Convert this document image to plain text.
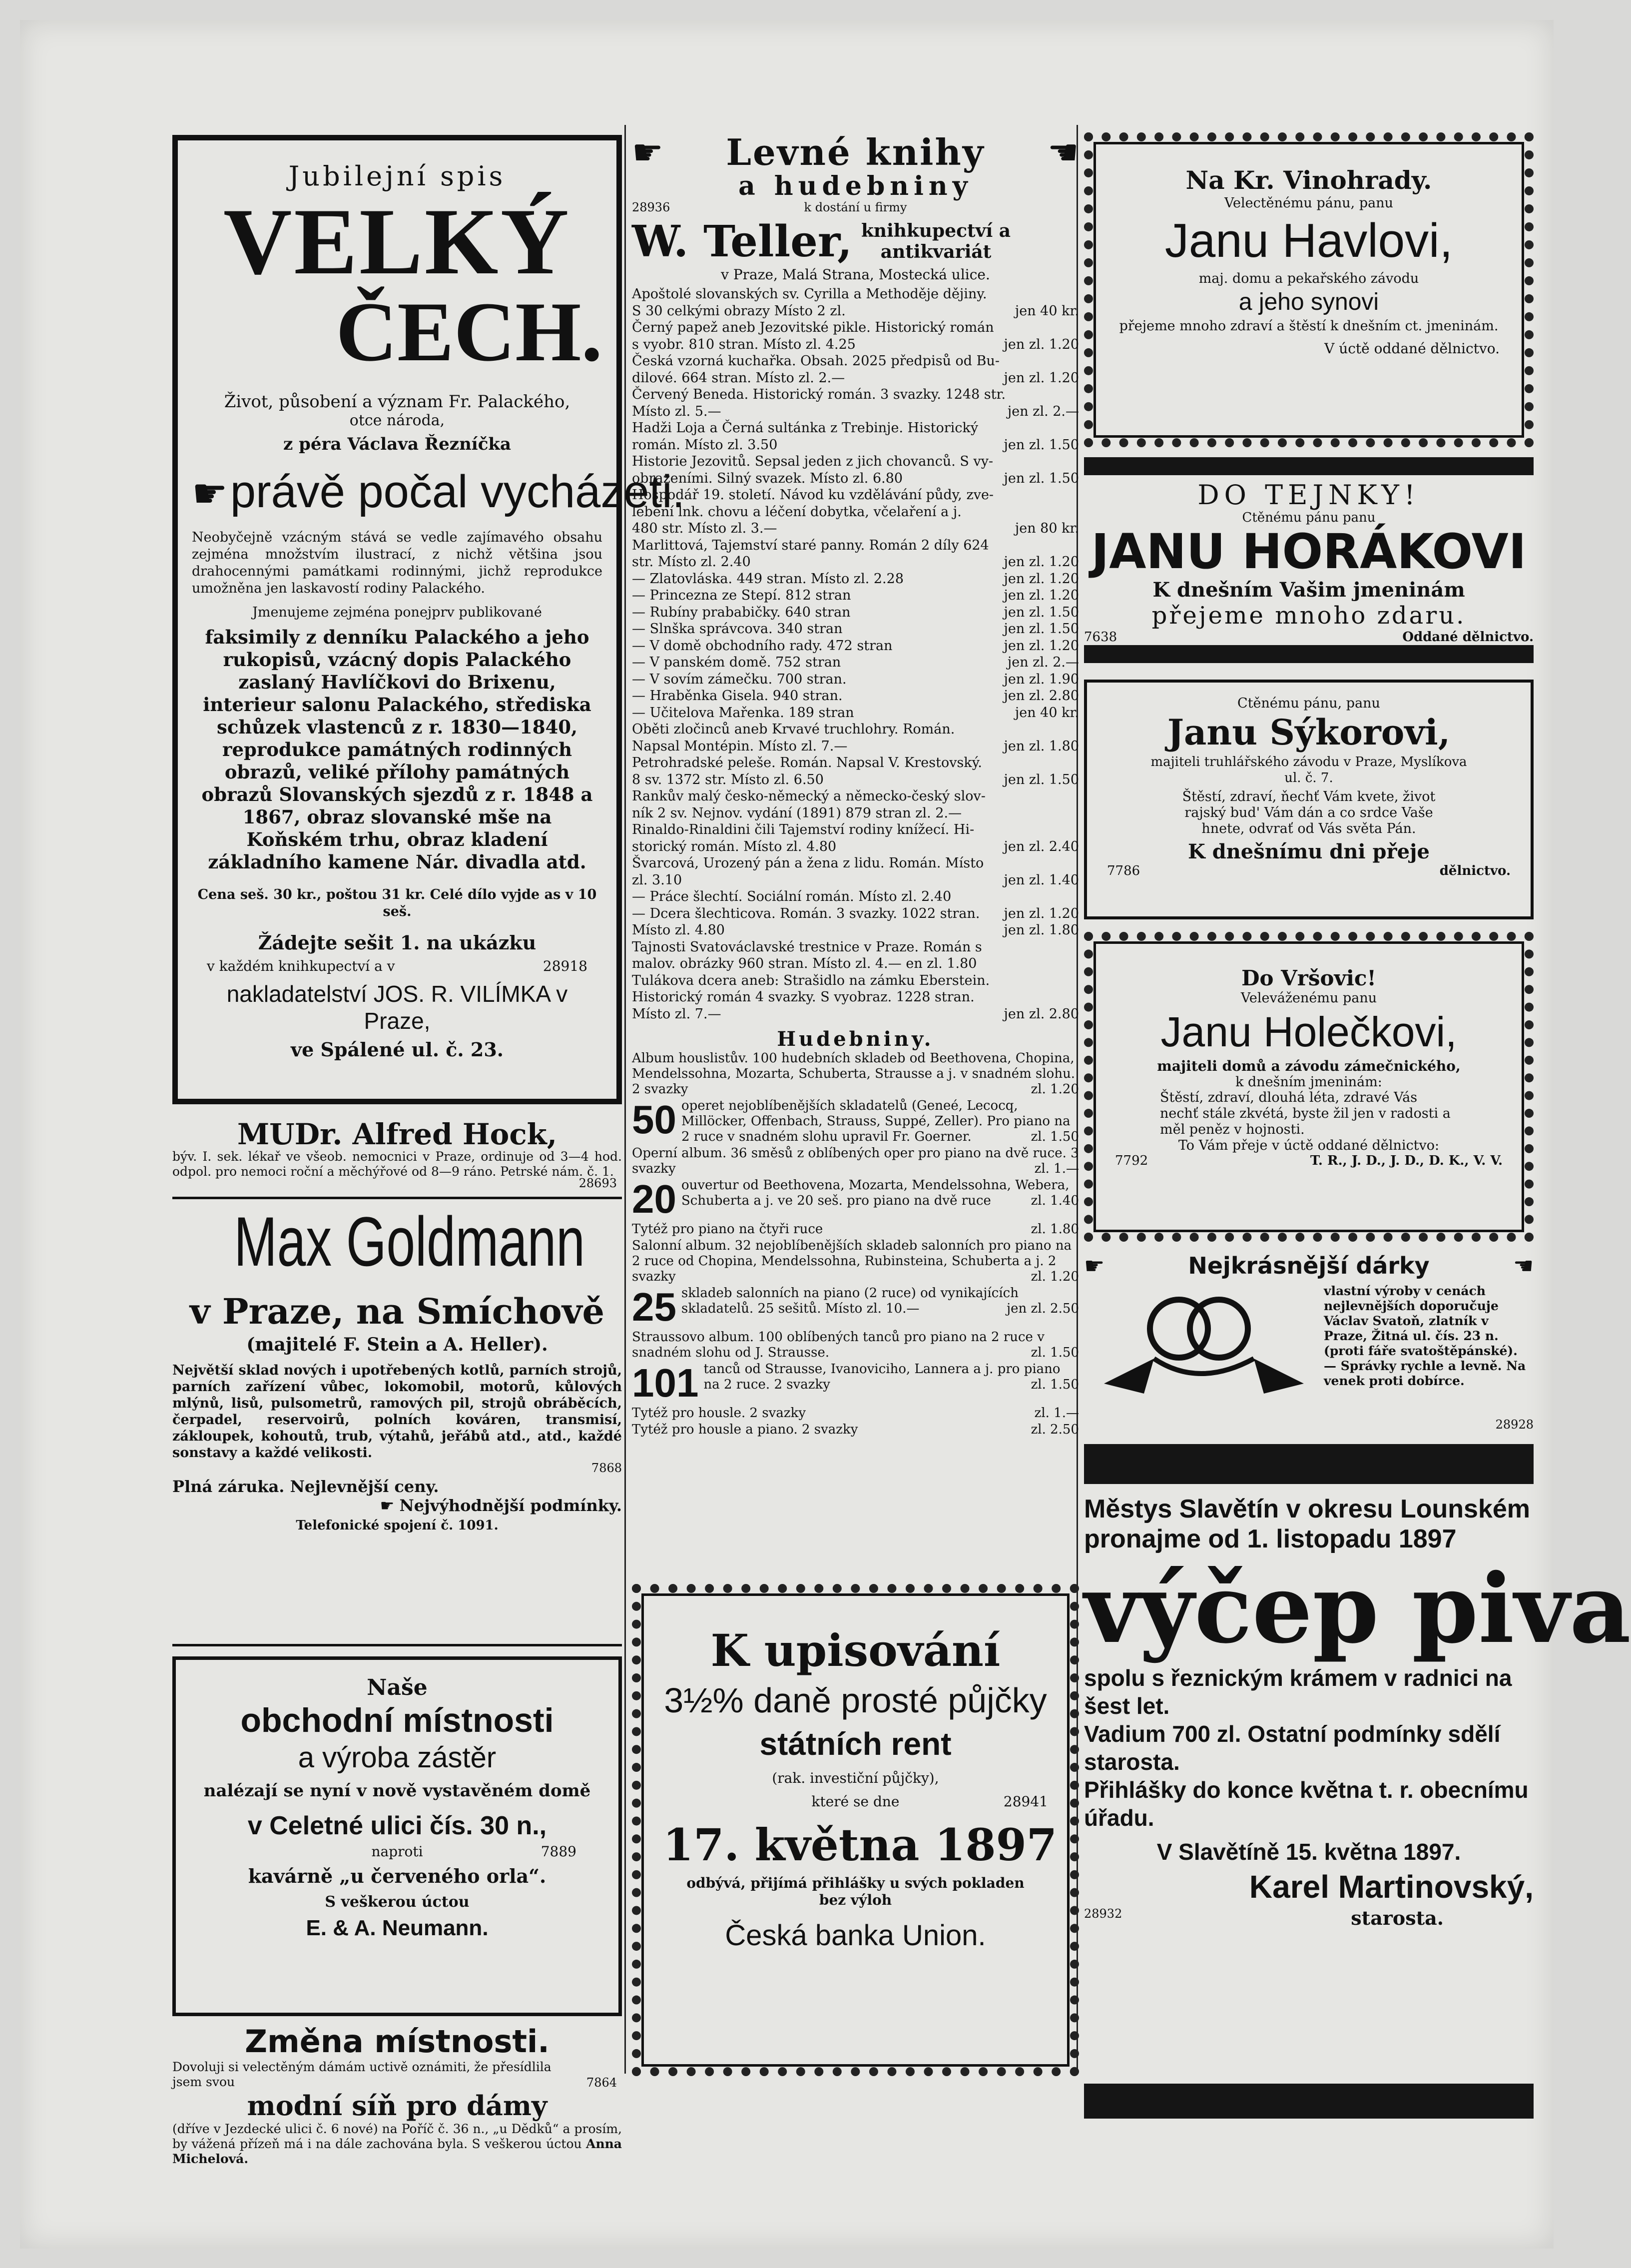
Jubilejní spis
VELKÝ
ČECH.
Život, působení a význam Fr. Palackého,
otce národa,
z péra Václava Řezníčka
☛ právě počal vycházeti.

Neobyčejně vzácným stává se vedle zajímavého obsahu zejména množstvím ilustrací, z nichž většina jsou drahocennými památkami rodinnými, jichž reprodukce umožněna jen laskavostí rodiny Palackého.

Jmenujeme zejména ponejprv publikované

faksimily z denníku Palackého a jeho rukopisů, vzácný dopis Palackého zaslaný Havlíčkovi do Brixenu, interieur salonu Palackého, střediska schůzek vlastenců z r. 1830—1840, reprodukce památných rodinných obrazů, veliké přílohy památných obrazů Slovanských sjezdů z r. 1848 a 1867, obraz slovanské mše na Koňském trhu, obraz kladení základního kamene Nár. divadla atd.

Cena seš. 30 kr., poštou 31 kr. Celé dílo vyjde as v 10 seš.

Žádejte sešit 1. na ukázku
v každém knihkupectví a v	28918
nakladatelství JOS. R. VILÍMKA v Praze,
ve Spálené ul. č. 23.
MUDr. Alfred Hock,

býv. I. sek. lékař ve všeob. nemocnici v Praze, ordinuje od 3—4 hod. odpol. pro nemoci roční a měchýřové od 8—9 ráno. Petrské nám. č. 1.

28693
Max Goldmann
v Praze, na Smíchově
(majitelé F. Stein a A. Heller).

Největší sklad nových i upotřebených kotlů, parních strojů, parních zařízení vůbec, lokomobil, motorů, kůlových mlýnů, lisů, pulsometrů, ramových pil, strojů obráběcích, čerpadel, reservoirů, polních kováren, transmisí, zákloupek, kohoutů, trub, výtahů, jeřábů atd., atd., každé sonstavy a každé velikosti.

7868
Plná záruka. Nejlevnější ceny.
☛ Nejvýhodnější podmínky.
Telefonické spojení č. 1091.
Naše
obchodní místnosti
a výroba zástěr

nalézají se nyní v nově vystavěném domě

v Celetné ulici čís. 30 n.,
naproti	7889
kavárně „u červeného orla“.
S veškerou úctou
E. & A. Neumann.
Změna místnosti.

Dovoluji si velectěným dámám uctivě oznámiti, že přesídlila jsem svou	7864
modní síň pro dámy

(dříve v Jezdecké ulici č. 6 nové) na Poříč č. 36 n., „u Dědků“ a prosím, by vážená přízeň má i na dále zachována byla. S veškerou úctou Anna Michelová.

☛ Levné knihy ☛
a hudebniny
28936	k dostání u firmy
W. Teller, knihkupectví a
antikvariát
v Praze, Malá Strana, Mostecká ulice.
Apoštolé slovanských sv. Cyrilla a Methoděje dějiny.
S 30 celkými obrazy Místo 2 zl.	jen 40 kr.
Černý papež aneb Jezovitské pikle. Historický román
s vyobr. 810 stran. Místo zl. 4.25	jen zl. 1.20
Česká vzorná kuchařka. Obsah. 2025 předpisů od Bu-
dilové. 664 stran. Místo zl. 2.—	jen zl. 1.20
Červený Beneda. Historický román. 3 svazky. 1248 str.
Místo zl. 5.—	jen zl. 2.—
Hadži Loja a Černá sultánka z Trebinje. Historický
román. Místo zl. 3.50	jen zl. 1.50
Historie Jezovitů. Sepsal jeden z jich chovanců. S vy-
obrazeními. Silný svazek. Místo zl. 6.80	jen zl. 1.50
Hospodář 19. století. Návod ku vzdělávání půdy, zve-
lebení lnk. chovu a léčení dobytka, včelaření a j.
480 str. Místo zl. 3.—	jen 80 kr.
Marlittová, Tajemství staré panny. Román 2 díly 624
str. Místo zl. 2.40	jen zl. 1.20
— Zlatovláska. 449 stran. Místo zl. 2.28	jen zl. 1.20
— Princezna ze Stepí. 812 stran	jen zl. 1.20
— Rubíny prababičky. 640 stran	jen zl. 1.50
— Slnška správcova. 340 stran	jen zl. 1.50
— V domě obchodního rady. 472 stran	jen zl. 1.20
— V panském domě. 752 stran	jen zl. 2.—
— V sovím zámečku. 700 stran.	jen zl. 1.90
— Hraběnka Gisela. 940 stran.	jen zl. 2.80
— Učitelova Mařenka. 189 stran	jen 40 kr.
Oběti zločinců aneb Krvavé truchlohry. Román.
Napsal Montépin. Místo zl. 7.—	jen zl. 1.80
Petrohradské peleše. Román. Napsal V. Krestovský.
8 sv. 1372 str. Místo zl. 6.50	jen zl. 1.50
Rankův malý česko-německý a německo-český slov-
ník 2 sv. Nejnov. vydání (1891) 879 stran zl. 2.—
Rinaldo-Rinaldini čili Tajemství rodiny knížecí. Hi-
storický román. Místo zl. 4.80	jen zl. 2.40
Švarcová, Urozený pán a žena z lidu. Román. Místo
zl. 3.10	jen zl. 1.40
— Práce šlechtí. Sociální román. Místo zl. 2.40
jen zl. 1.20
— Dcera šlechticova. Román. 3 svazky. 1022 stran.
Místo zl. 4.80	jen zl. 1.80
Tajnosti Svatováclavské trestnice v Praze. Román s
malov. obrázky 960 stran. Místo zl. 4.— en zl. 1.80
Tulákova dcera aneb: Strašidlo na zámku Eberstein.
Historický román 4 svazky. S vyobraz. 1228 stran.
Místo zl. 7.—	jen zl. 2.80
Hudebniny.
Album houslistův. 100 hudebních skladeb od Beethovena, Chopina, Mendelssohna, Mozarta, Schuberta, Strausse a j. v snadném slohu. 2 svazky	zl. 1.20
50 operet nejoblíbenějších skladatelů (Geneé, Lecocq, Millöcker, Offenbach, Strauss, Suppé, Zeller). Pro piano na 2 ruce v snadném slohu upravil Fr. Goerner.	zl. 1.50
Operní album. 36 směsů z oblíbených oper pro piano na dvě ruce. 3 svazky	zl. 1.—
20 ouvertur od Beethovena, Mozarta, Mendelssohna, Webera, Schuberta a j. ve 20 seš. pro piano na dvě ruce	zl. 1.40
Tytéž pro piano na čtyři ruce	zl. 1.80
Salonní album. 32 nejoblíbenějších skladeb salonních pro piano na 2 ruce od Chopina, Mendelssohna, Rubinsteina, Schuberta a j. 2 svazky	zl. 1.20
25 skladeb salonních na piano (2 ruce) od vynikajících skladatelů. 25 sešitů. Místo zl. 10.—	jen zl. 2.50
Straussovo album. 100 oblíbených tanců pro piano na 2 ruce v snadném slohu od J. Strausse.	zl. 1.50
101 tanců od Strausse, Ivanoviciho, Lannera a j. pro piano na 2 ruce. 2 svazky	zl. 1.50
Tytéž pro housle. 2 svazky	zl. 1.—
Tytéž pro housle a piano. 2 svazky	zl. 2.50
K upisování
3½% daně prosté půjčky
státních rent
(rak. investiční půjčky),
které se dne	28941
17. května 1897

odbývá, přijímá přihlášky u svých pokladen bez výloh

Česká banka Union.
Na Kr. Vinohrady.
Velectěnému pánu, panu
Janu Havlovi,
maj. domu a pekařského závodu
a jeho synovi

přejeme mnoho zdraví a štěstí k dnešním ct. jmeninám.

V úctě oddané dělnictvo.
DO TEJNKY!
Ctěnému pánu panu
JANU HORÁKOVI
K dnešním Vašim jmeninám
přejeme mnoho zdaru.
7638	Oddané dělnictvo.
Ctěnému pánu, panu
Janu Sýkorovi,

majiteli truhlářského závodu v Praze, Myslíkova ul. č. 7.

Štěstí, zdraví, ňechť Vám kvete, život rajský bud' Vám dán a co srdce Vaše hnete, odvrať od Vás světa Pán.

K dnešnímu dni přeje
7786	dělnictvo.
Do Vršovic!
Veleváženému panu
Janu Holečkovi,
majiteli domů a závodu zámečnického,
k dnešním jmeninám:

Štěstí, zdraví, dlouhá léta, zdravé Vás nechť stále zkvétá, byste žil jen v radosti a měl peněz v hojnosti.

To Vám přeje v úctě oddané dělnictvo:
7792	T. R., J. D., J. D., D. K., V. V.
☛	Nejkrásnější dárky	☛

vlastní výroby v cenách nejlevnějších doporučuje Václav Svatoň, zlatník v Praze, Žitná ul. čís. 23 n. (proti fáře svatoštěpánské). — Správky rychle a levně. Na venek proti dobírce.

28928

Městys Slavětín v okresu Lounském pronajme od 1. listopadu 1897

výčep piva

spolu s řeznickým krámem v radnici na šest let.

Vadium 700 zl. Ostatní podmínky sdělí starosta.

Přihlášky do konce května t. r. obecnímu úřadu.

V Slavětíně 15. května 1897.
Karel Martinovský,
28932	starosta.
